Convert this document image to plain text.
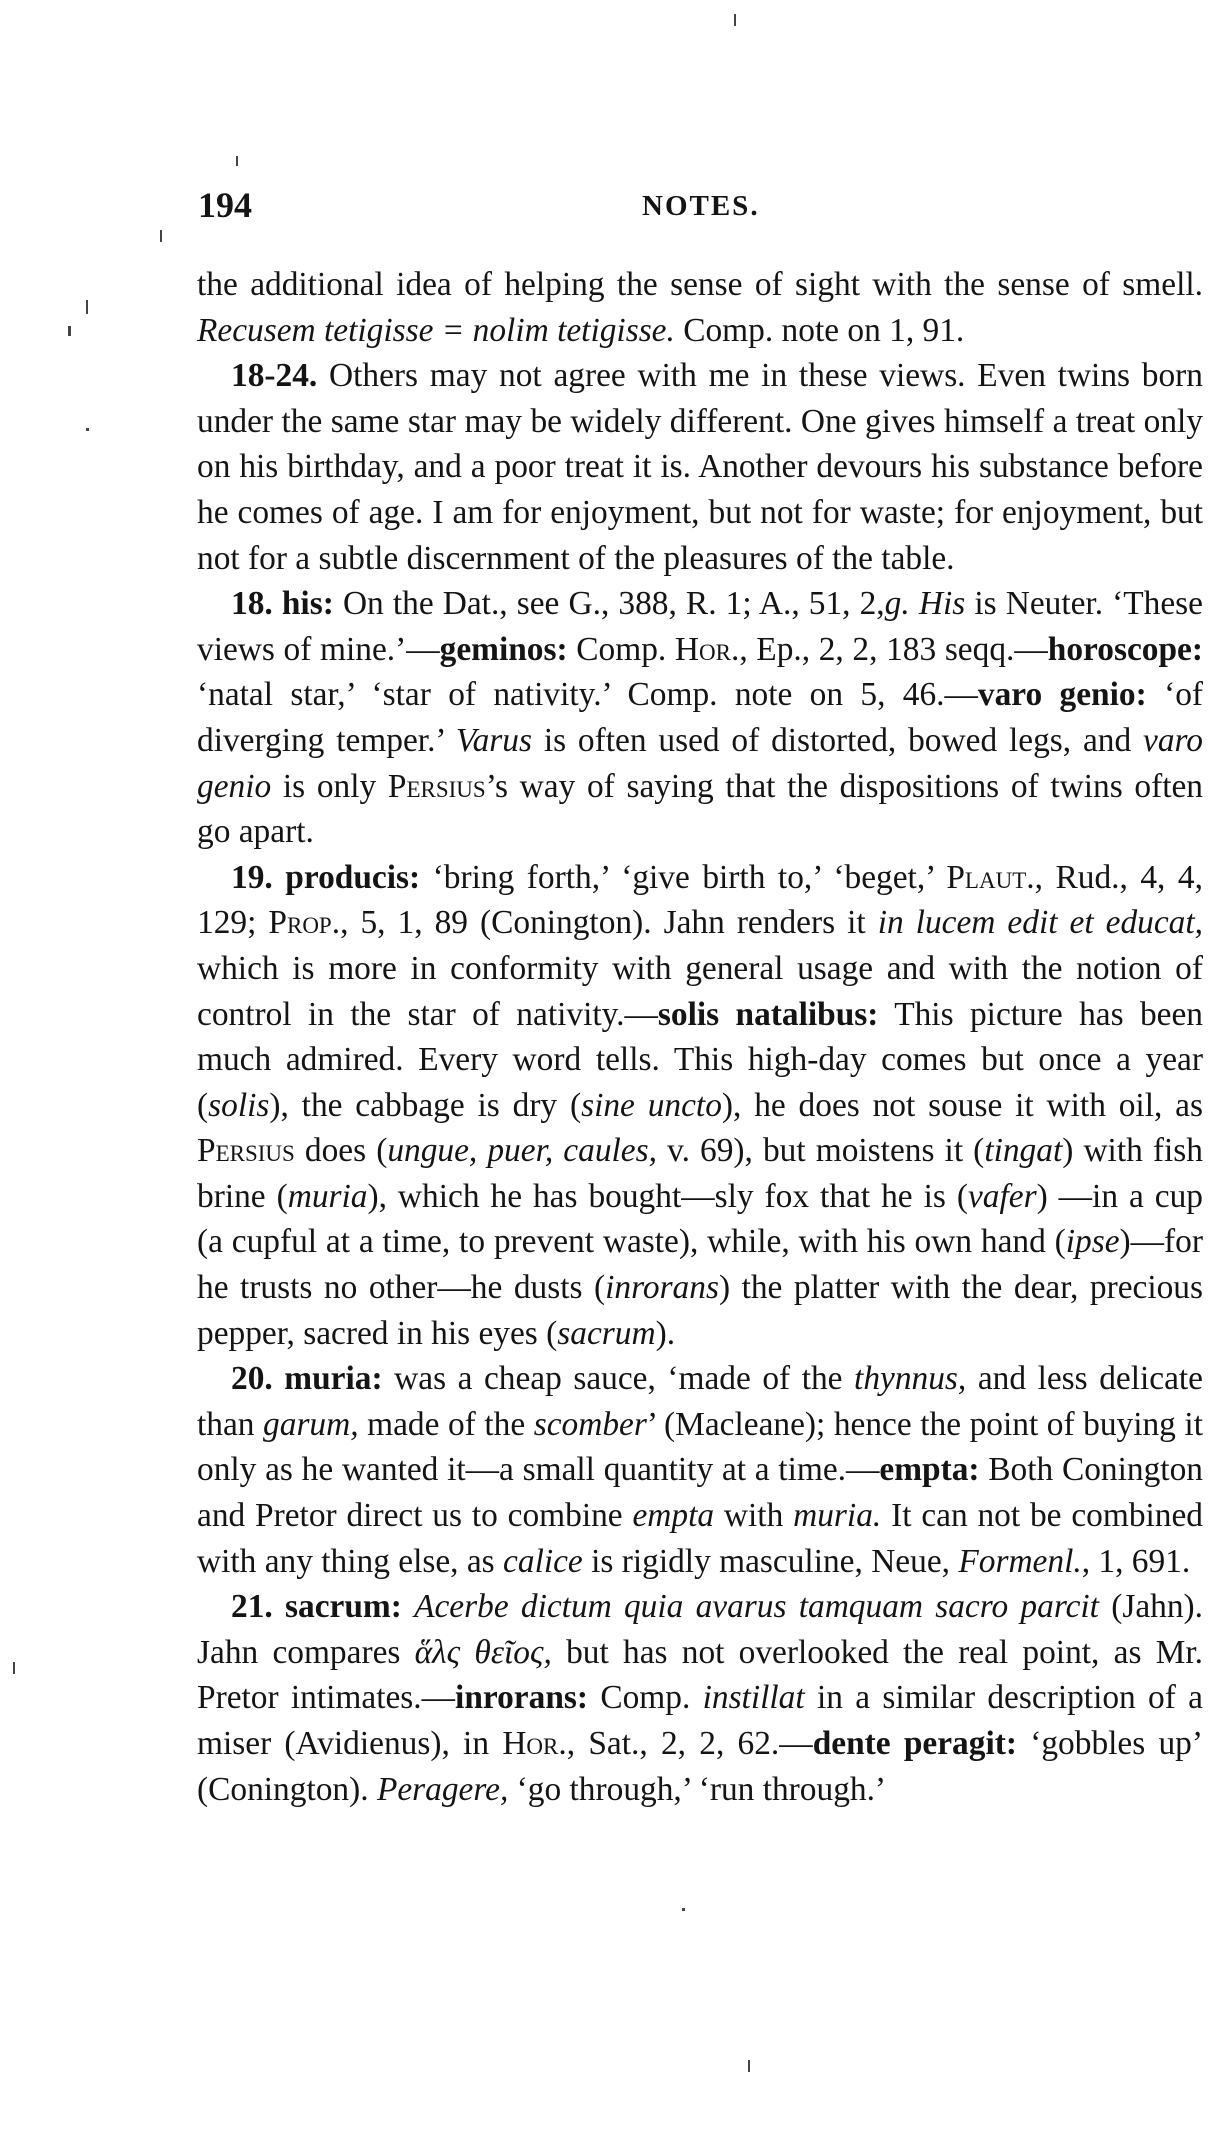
194	NOTES.

the additional idea of helping the sense of sight with the sense of smell. Recusem tetigisse = nolim tetigisse. Comp. note on 1, 91.

18-24. Others may not agree with me in these views. Even twins born under the same star may be widely different. One gives himself a treat only on his birthday, and a poor treat it is. Another devours his substance before he comes of age. I am for enjoyment, but not for waste; for enjoyment, but not for a subtle discernment of the pleasures of the table.

18. his: On the Dat., see G., 388, R. 1; A., 51, 2,g. His is Neuter. ‘These views of mine.’—geminos: Comp. Hor., Ep., 2, 2, 183 seqq.—horoscope: ‘natal star,’ ‘star of nativity.’ Comp. note on 5, 46.—varo genio: ‘of diverging temper.’ Varus is often used of distorted, bowed legs, and varo genio is only Persius’s way of saying that the dispositions of twins often go apart.

19. producis: ‘bring forth,’ ‘give birth to,’ ‘beget,’ Plaut., Rud., 4, 4, 129; Prop., 5, 1, 89 (Conington). Jahn renders it in lucem edit et educat, which is more in conformity with general usage and with the notion of control in the star of nativity.—solis natalibus: This picture has been much admired. Every word tells. This high-day comes but once a year (solis), the cabbage is dry (sine uncto), he does not souse it with oil, as Persius does (ungue, puer, caules, v. 69), but moistens it (tingat) with fish brine (muria), which he has bought—sly fox that he is (vafer) —in a cup (a cupful at a time, to prevent waste), while, with his own hand (ipse)—for he trusts no other—he dusts (inrorans) the platter with the dear, precious pepper, sacred in his eyes (sacrum).

20. muria: was a cheap sauce, ‘made of the thynnus, and less delicate than garum, made of the scomber’ (Macleane); hence the point of buying it only as he wanted it—a small quantity at a time.—empta: Both Conington and Pretor direct us to combine empta with muria. It can not be combined with any thing else, as calice is rigidly masculine, Neue, Formenl., 1, 691.

21. sacrum: Acerbe dictum quia avarus tamquam sacro parcit (Jahn). Jahn compares ἅλς θεῖος, but has not overlooked the real point, as Mr. Pretor intimates.—inrorans: Comp. instillat in a similar description of a miser (Avidienus), in Hor., Sat., 2, 2, 62.—dente peragit: ‘gobbles up’ (Conington). Peragere, ‘go through,’ ‘run through.’
